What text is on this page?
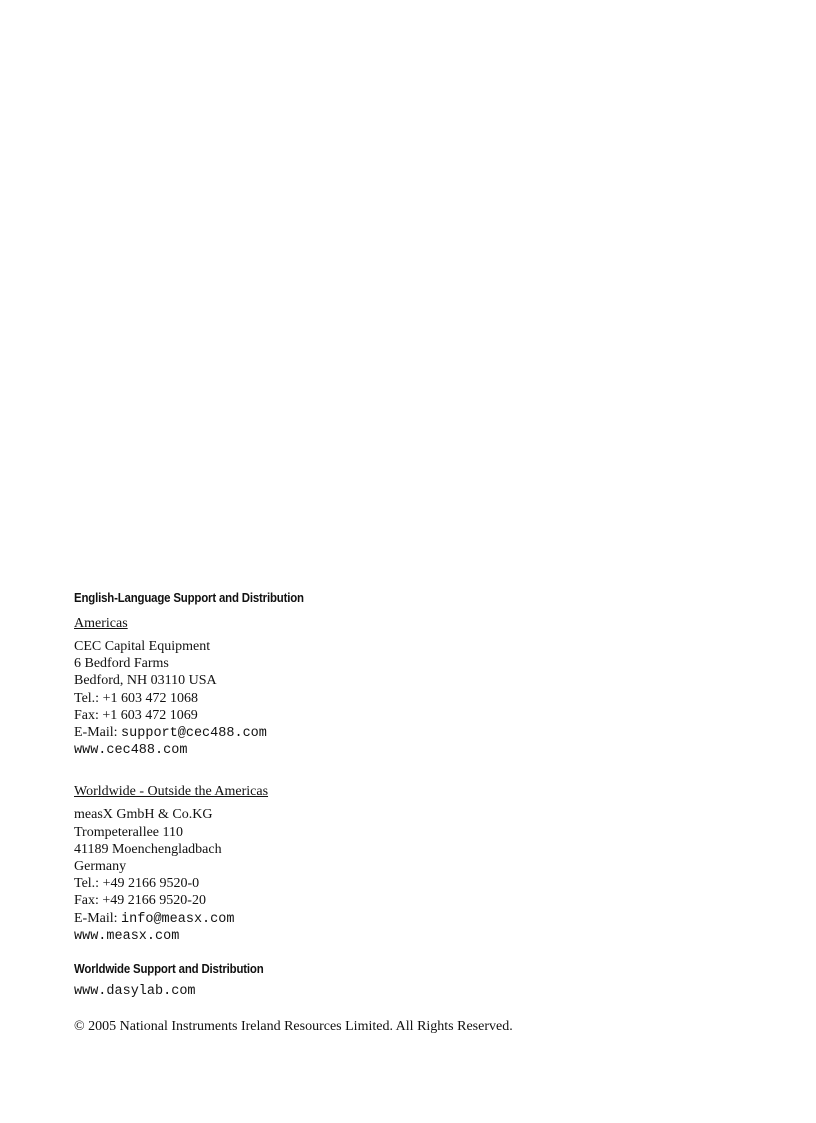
English-Language Support and Distribution

Americas

CEC Capital Equipment

6 Bedford Farms

Bedford, NH 03110 USA

Tel.: +1 603 472 1068

Fax: +1 603 472 1069

E-Mail: support@cec488.com

www.cec488.com

Worldwide - Outside the Americas

measX GmbH & Co.KG

Trompeterallee 110

41189 Moenchengladbach

Germany

Tel.: +49 2166 9520-0

Fax: +49 2166 9520-20

E-Mail: info@measx.com

www.measx.com

Worldwide Support and Distribution

www.dasylab.com

© 2005 National Instruments Ireland Resources Limited. All Rights Reserved.
